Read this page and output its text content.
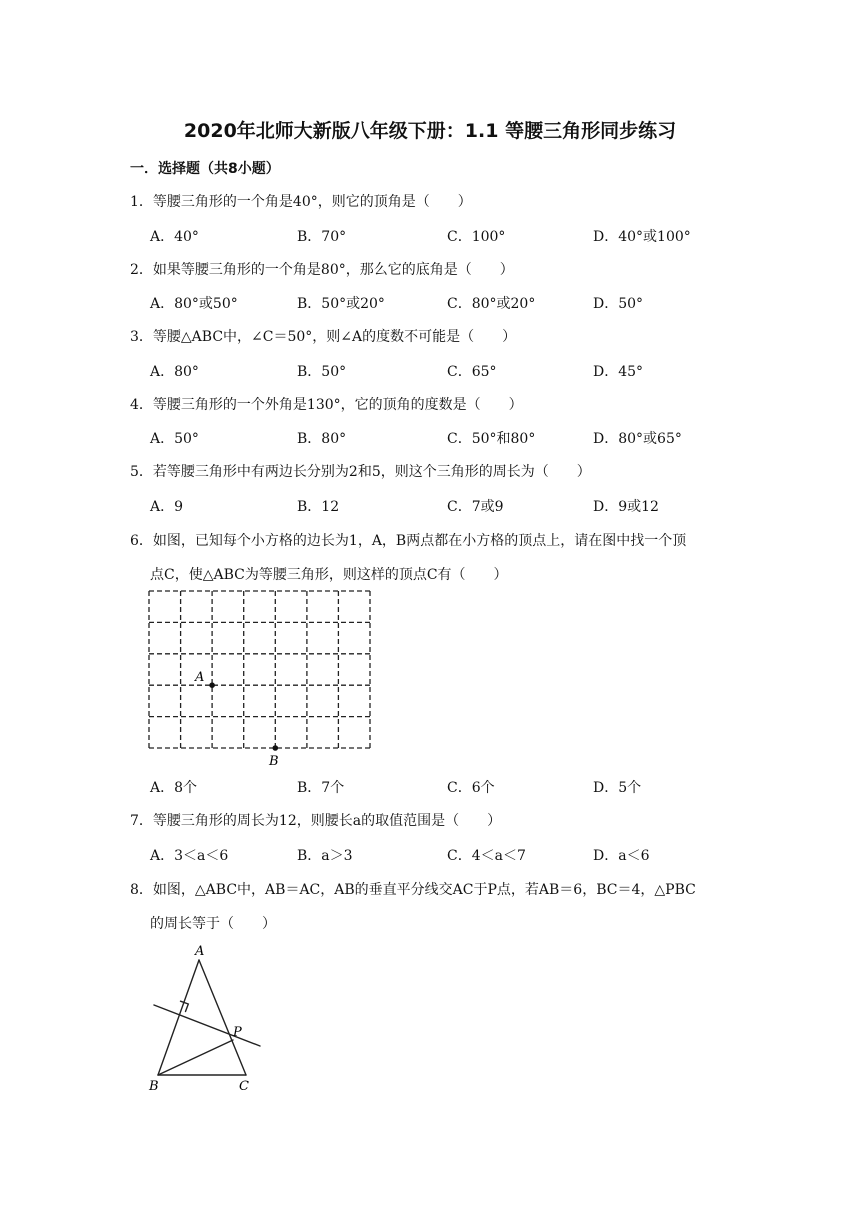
2020年北师大新版八年级下册：1.1 等腰三角形同步练习
一．选择题（共8小题）
1．等腰三角形的一个角是40°，则它的顶角是（　　）
A．40°	B．70°	C．100°	D．40°或100°
2．如果等腰三角形的一个角是80°，那么它的底角是（　　）
A．80°或50°	B．50°或20°	C．80°或20°	D．50°
3．等腰△ABC中，∠C＝50°，则∠A的度数不可能是（　　）
A．80°	B．50°	C．65°	D．45°
4．等腰三角形的一个外角是130°，它的顶角的度数是（　　）
A．50°	B．80°	C．50°和80°	D．80°或65°
5．若等腰三角形中有两边长分别为2和5，则这个三角形的周长为（　　）
A．9	B．12	C．7或9	D．9或12
6．如图，已知每个小方格的边长为1，A，B两点都在小方格的顶点上，请在图中找一个顶
点C，使△ABC为等腰三角形，则这样的顶点C有（　　）
A
B
A．8个	B．7个	C．6个	D．5个
7．等腰三角形的周长为12，则腰长a的取值范围是（　　）
A．3＜a＜6	B．a＞3	C．4＜a＜7	D．a＜6
8．如图，△ABC中，AB＝AC，AB的垂直平分线交AC于P点，若AB＝6，BC＝4，△PBC
的周长等于（　　）
A
P
B	C
